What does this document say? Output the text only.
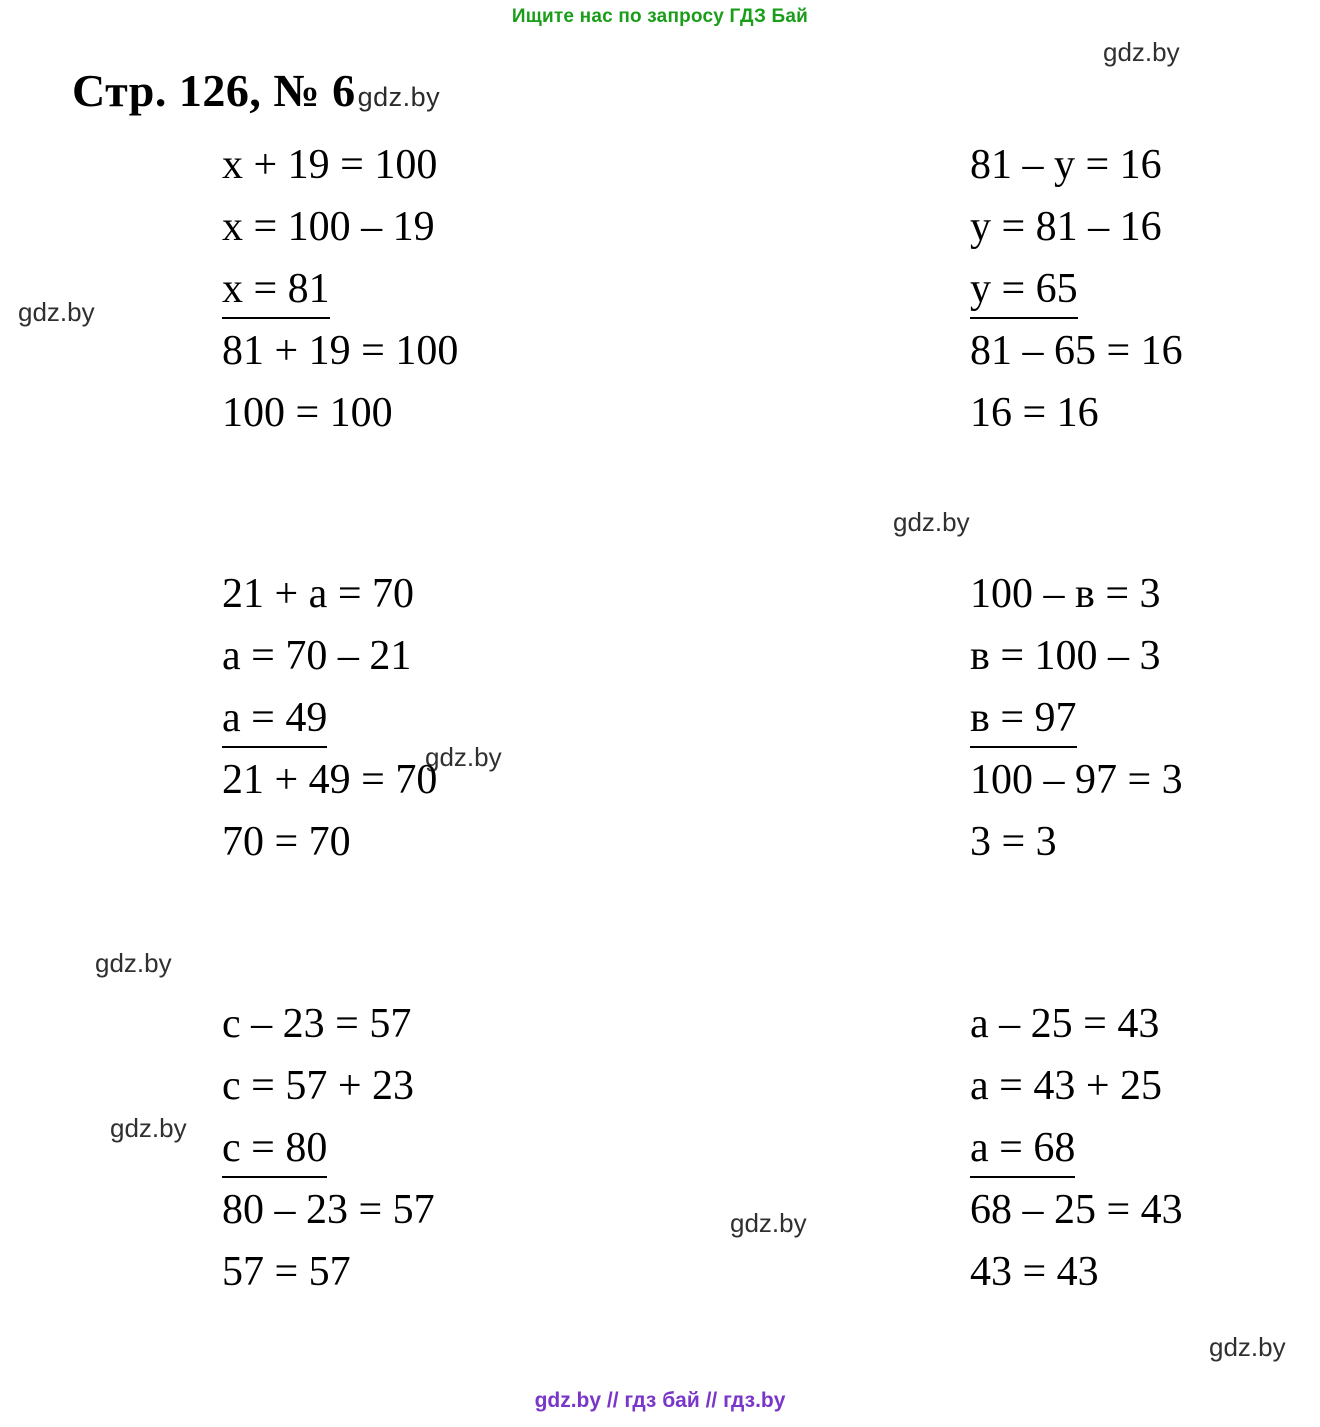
Ищите нас по запросу ГДЗ Бай
Стр. 126, № 6gdz.by
gdz.by
gdz.by
gdz.by
gdz.by
gdz.by
gdz.by
gdz.by
gdz.by
x + 19 = 100
x = 100 – 19
x = 81
81 + 19 = 100
100 = 100
81 – y = 16
y = 81 – 16
y = 65
81 – 65 = 16
16 = 16
21 + a = 70
a = 70 – 21
a = 49
21 + 49 = 70
70 = 70
100 – в = 3
в = 100 – 3
в = 97
100 – 97 = 3
3 = 3
c – 23 = 57
c = 57 + 23
c = 80
80 – 23 = 57
57 = 57
a – 25 = 43
a = 43 + 25
a = 68
68 – 25 = 43
43 = 43
gdz.by // гдз бай // гдз.by
